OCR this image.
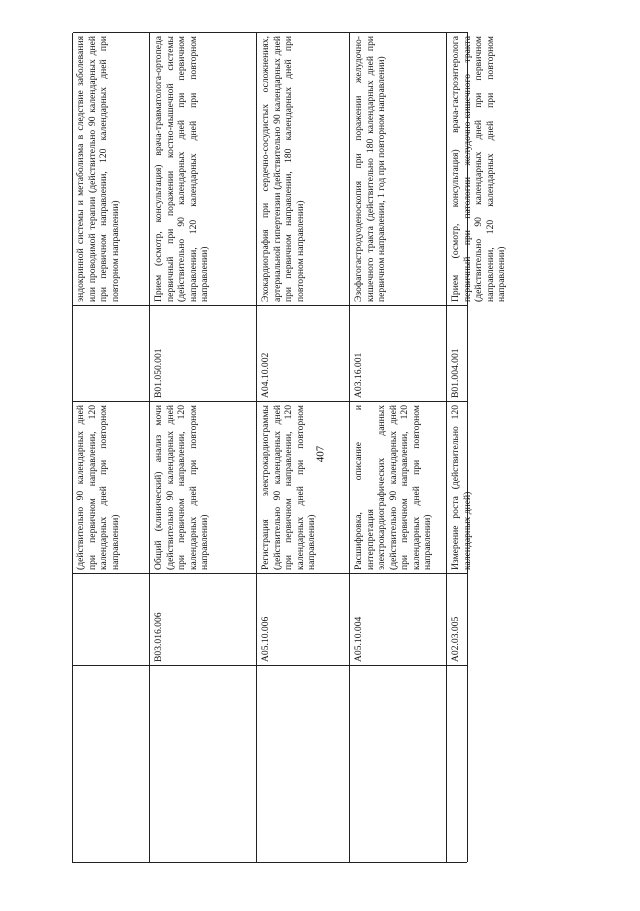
407
(действительно 90 календарных дней при первичном направлении, 120 календарных дней при повторном направлении)
эндокринной системы и метаболизма в следствие заболевания или проводимой терапии (действительно 90 календарных дней при первичном направлении, 120 календарных дней при повторном направлении)
B03.016.006
Общий (клинический) анализ мочи (действительно 90 календарных дней при первичном направлении, 120 календарных дней при повторном направлении)
B01.050.001
Прием (осмотр, консультация) врача-травматолога-ортопеда первичный при поражении костно-мышечной системы (действительно 90 календарных дней при первичном направлении, 120 календарных дней при повторном направлении)
A05.10.006
Регистрация электрокардиограммы (действительно 90 календарных дней при первичном направлении, 120 календарных дней при повторном направлении)
A04.10.002
Эхокардиография при сердечно-сосудистых осложнениях, артериальной гипертензии (действительно 90 календарных дней при первичном направлении, 180 календарных дней при повторном направлении)
A05.10.004
Расшифровка, описание и интерпретация электрокардиографических данных (действительно 90 календарных дней при первичном направлении, 120 календарных дней при повторном направлении)
A03.16.001
Эзофагогастродуоденоскопия при поражении желудочно-кишечного тракта (действительно 180 календарных дней при первичном направлении, 1 год при повторном направлении)
A02.03.005
Измерение роста (действительно 120 календарных дней)
B01.004.001
Прием (осмотр, консультация) врача-гастроэнтеролога первичный при патологии желудочно-кишечного тракта (действительно 90 календарных дней при первичном направлении, 120 календарных дней при повторном направлении)
